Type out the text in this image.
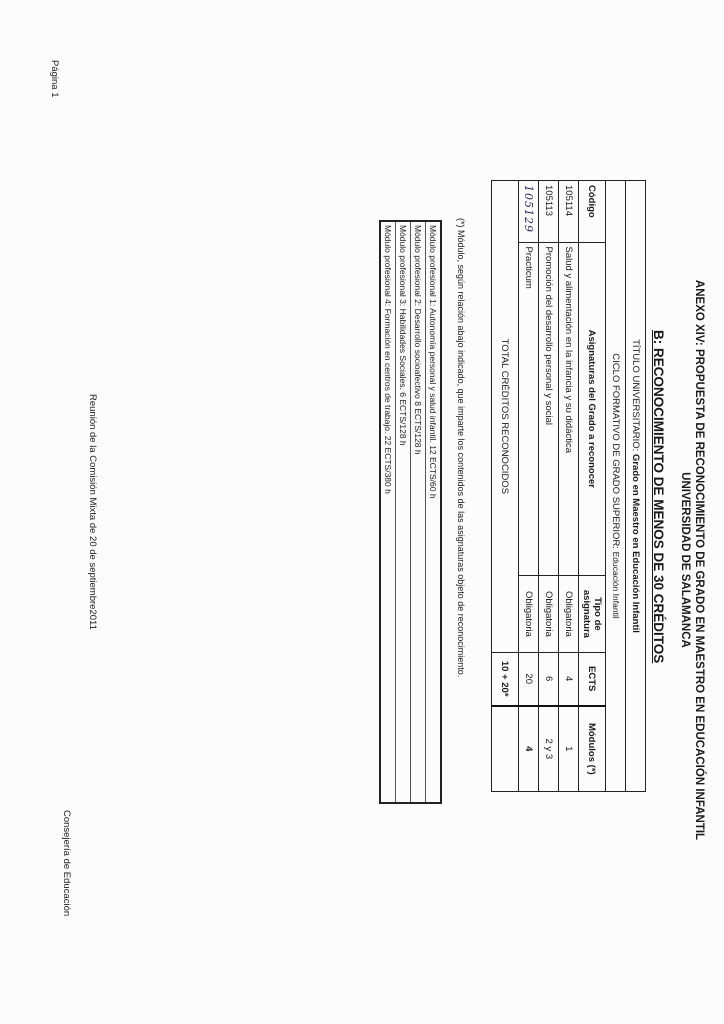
ANEXO XIV: PROPUESTA DE RECONOCIMIENTO DE GRADO EN MAESTRO EN EDUCACIÓN INFANTIL
UNIVERSIDAD DE SALAMANCA
B: RECONOCIMIENTO DE MENOS DE 30 CRÉDITOS
TÍTULO UNIVERSITARIO: Grado en Maestro en Educación Infantil				
CICLO FORMATIVO DE GRADO SUPERIOR: Educación Infantil				
Código	Asignaturas del Grado a reconocer	Tipo de asignatura	ECTS	Módulos (*)
105114	Salud y alimentación en la infancia y su didáctica	Obligatoria	4	1
105113	Promoción del desarrollo personal y social	Obligatoria	6	2 y 3
105129	Practicum	Obligatoria	20	4
TOTAL CRÉDITOS RECONOCIDOS			10 + 20*	
(*) Módulo, según relación abajo indicado, que imparte los contenidos de las asignaturas objeto de reconocimiento.
Módulo profesional 1: Autonomía personal y salud infantil. 12 ECTS/60 h
Módulo profesional 2: Desarrollo socioafectivo 8 ECTS/128 h
Módulo profesional 3: Habilidades Sociales. 6 ECTS/128 h
Módulo profesional 4: Formación en centros de trabajo. 22 ECTS/380 h
Página 1
Reunión de la Comisión Mixta de 20 de septiembre2011
Consejería de Educación
